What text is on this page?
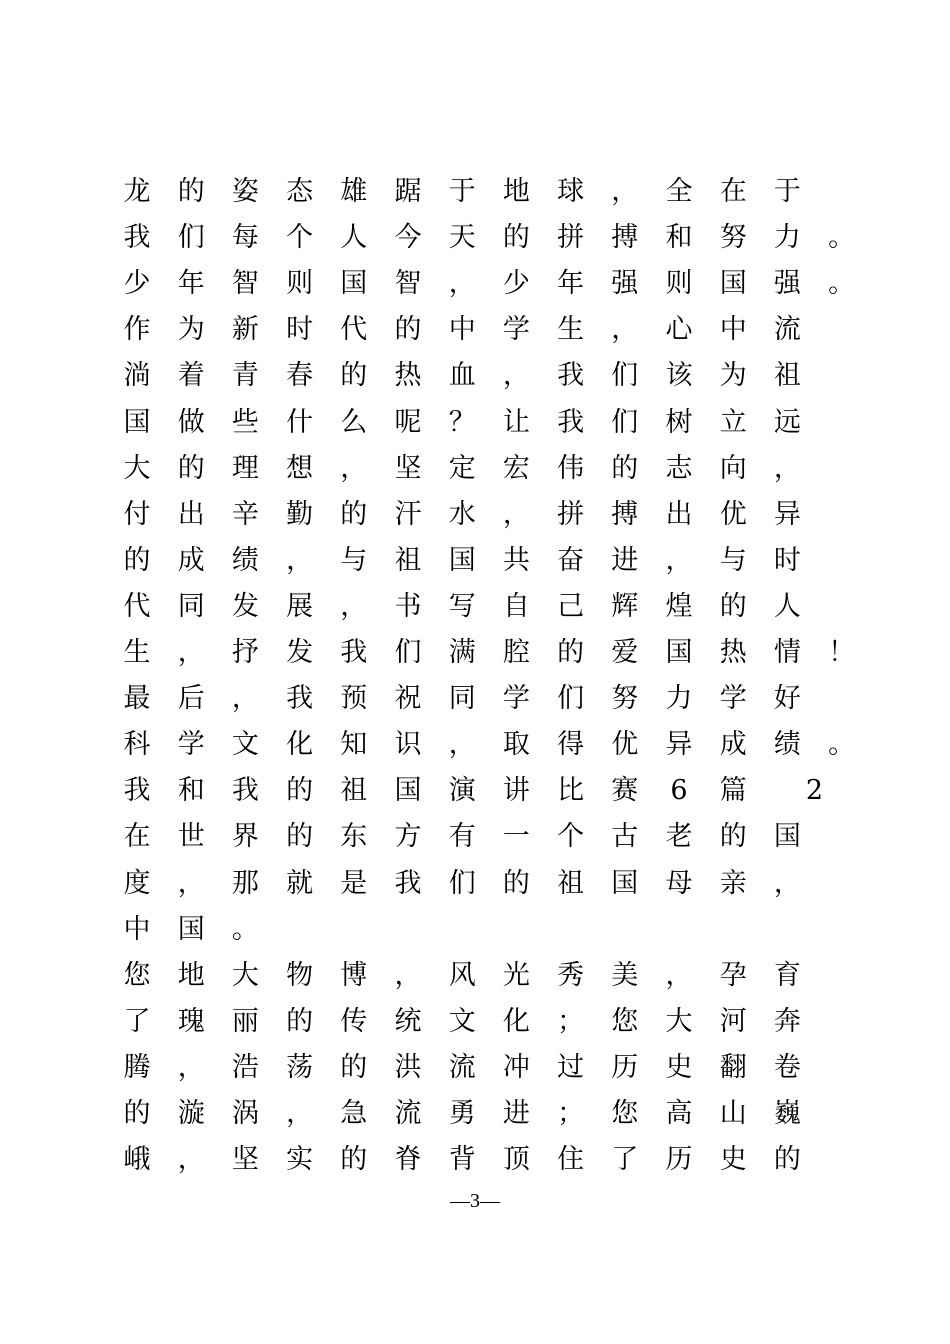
龙 的 姿 态 雄 踞 于 地 球 ， 全 在 于
我 们 每 个 人 今 天 的 拼 搏 和 努 力 。
少 年 智 则 国 智 ， 少 年 强 则 国 强 。
作 为 新 时 代 的 中 学 生 ， 心 中 流
淌 着 青 春 的 热 血 ， 我 们 该 为 祖
国 做 些 什 么 呢 ？ 让 我 们 树 立 远
大 的 理 想 ， 坚 定 宏 伟 的 志 向 ，
付 出 辛 勤 的 汗 水 ， 拼 搏 出 优 异
的 成 绩 ， 与 祖 国 共 奋 进 ， 与 时
代 同 发 展 ， 书 写 自 己 辉 煌 的 人
生 ， 抒 发 我 们 满 腔 的 爱 国 热 情 ！
最 后 ， 我 预 祝 同 学 们 努 力 学 好
科 学 文 化 知 识 ， 取 得 优 异 成 绩 。
我 和 我 的 祖 国 演 讲 比 赛 6 篇 2
在 世 界 的 东 方 有 一 个 古 老 的 国
度 ， 那 就 是 我 们 的 祖 国 母 亲 ，
中 国 。
您 地 大 物 博 ， 风 光 秀 美 ， 孕 育
了 瑰 丽 的 传 统 文 化 ； 您 大 河 奔
腾 ， 浩 荡 的 洪 流 冲 过 历 史 翻 卷
的 漩 涡 ， 急 流 勇 进 ； 您 高 山 巍
峨 ， 坚 实 的 脊 背 顶 住 了 历 史 的
—3—
